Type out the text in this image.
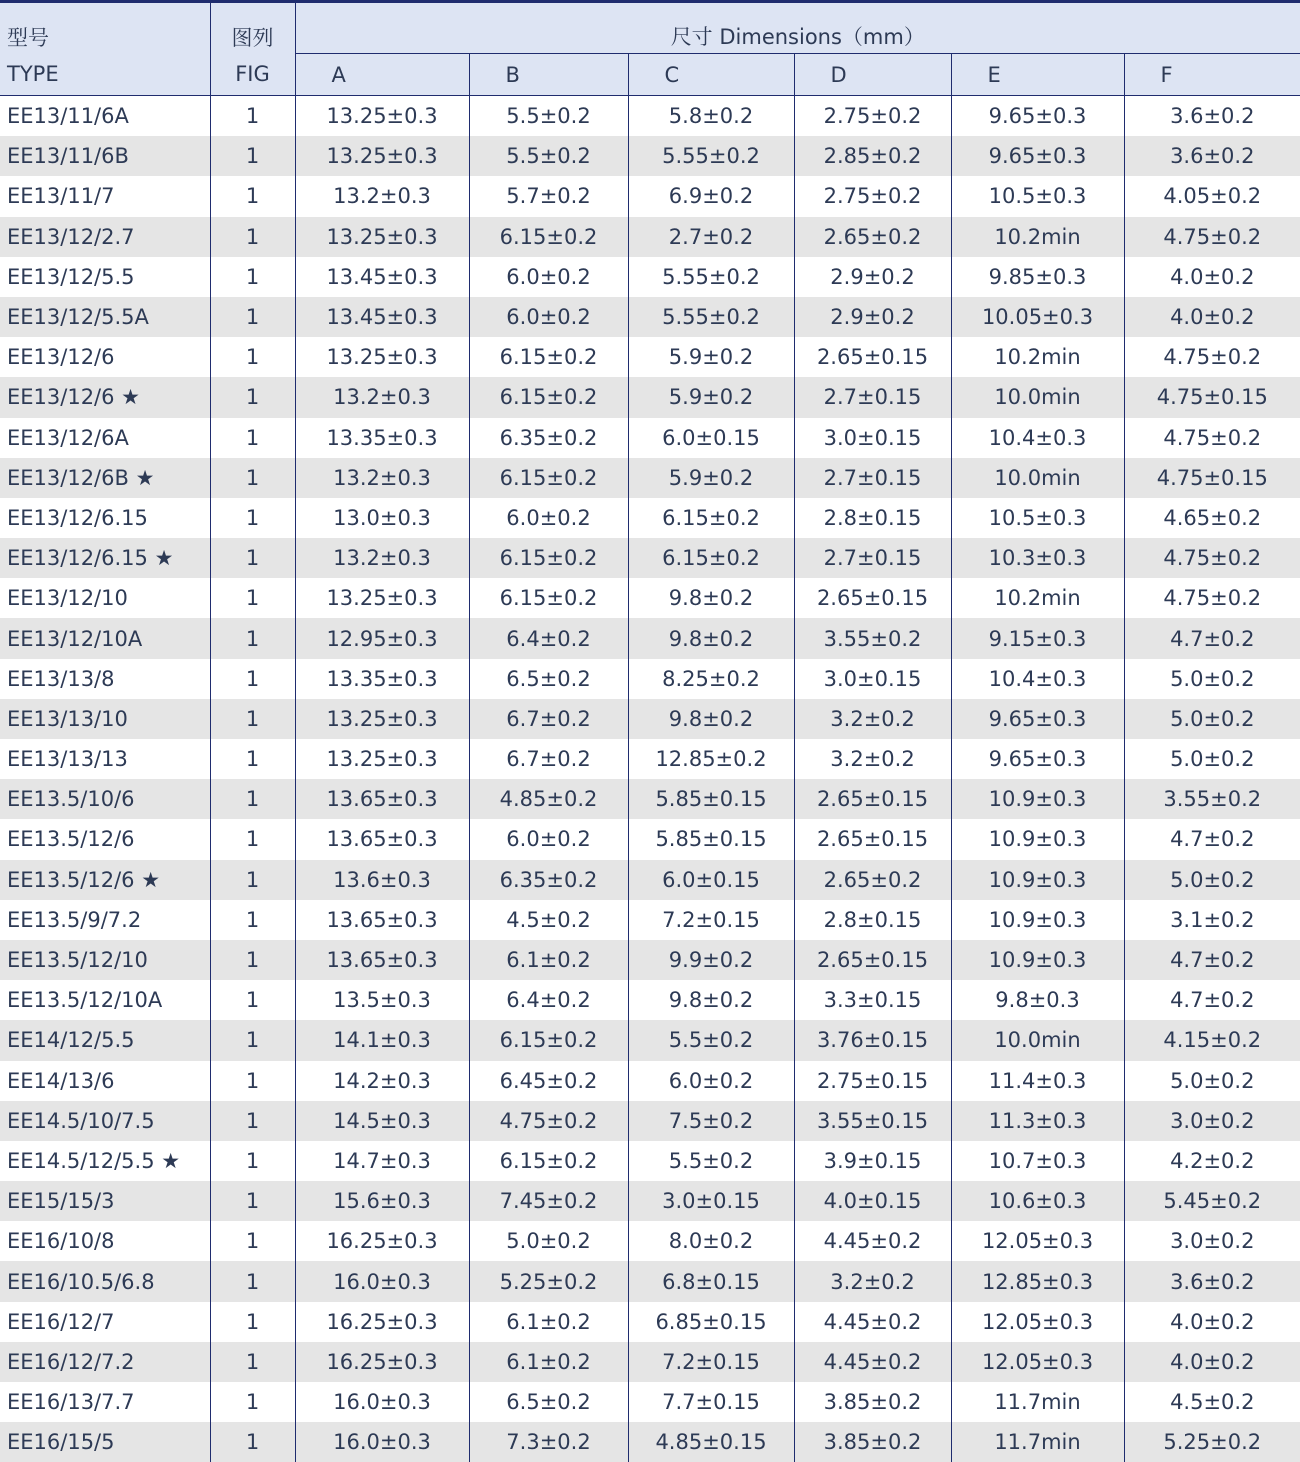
型号	图列	尺寸 Dimensions（mm）					
TYPE	FIG	A	B	C	D	E	F
EE13/11/6A	1	13.25±0.3	5.5±0.2	5.8±0.2	2.75±0.2	9.65±0.3	3.6±0.2
EE13/11/6B	1	13.25±0.3	5.5±0.2	5.55±0.2	2.85±0.2	9.65±0.3	3.6±0.2
EE13/11/7	1	13.2±0.3	5.7±0.2	6.9±0.2	2.75±0.2	10.5±0.3	4.05±0.2
EE13/12/2.7	1	13.25±0.3	6.15±0.2	2.7±0.2	2.65±0.2	10.2min	4.75±0.2
EE13/12/5.5	1	13.45±0.3	6.0±0.2	5.55±0.2	2.9±0.2	9.85±0.3	4.0±0.2
EE13/12/5.5A	1	13.45±0.3	6.0±0.2	5.55±0.2	2.9±0.2	10.05±0.3	4.0±0.2
EE13/12/6	1	13.25±0.3	6.15±0.2	5.9±0.2	2.65±0.15	10.2min	4.75±0.2
EE13/12/6 ★	1	13.2±0.3	6.15±0.2	5.9±0.2	2.7±0.15	10.0min	4.75±0.15
EE13/12/6A	1	13.35±0.3	6.35±0.2	6.0±0.15	3.0±0.15	10.4±0.3	4.75±0.2
EE13/12/6B ★	1	13.2±0.3	6.15±0.2	5.9±0.2	2.7±0.15	10.0min	4.75±0.15
EE13/12/6.15	1	13.0±0.3	6.0±0.2	6.15±0.2	2.8±0.15	10.5±0.3	4.65±0.2
EE13/12/6.15 ★	1	13.2±0.3	6.15±0.2	6.15±0.2	2.7±0.15	10.3±0.3	4.75±0.2
EE13/12/10	1	13.25±0.3	6.15±0.2	9.8±0.2	2.65±0.15	10.2min	4.75±0.2
EE13/12/10A	1	12.95±0.3	6.4±0.2	9.8±0.2	3.55±0.2	9.15±0.3	4.7±0.2
EE13/13/8	1	13.35±0.3	6.5±0.2	8.25±0.2	3.0±0.15	10.4±0.3	5.0±0.2
EE13/13/10	1	13.25±0.3	6.7±0.2	9.8±0.2	3.2±0.2	9.65±0.3	5.0±0.2
EE13/13/13	1	13.25±0.3	6.7±0.2	12.85±0.2	3.2±0.2	9.65±0.3	5.0±0.2
EE13.5/10/6	1	13.65±0.3	4.85±0.2	5.85±0.15	2.65±0.15	10.9±0.3	3.55±0.2
EE13.5/12/6	1	13.65±0.3	6.0±0.2	5.85±0.15	2.65±0.15	10.9±0.3	4.7±0.2
EE13.5/12/6 ★	1	13.6±0.3	6.35±0.2	6.0±0.15	2.65±0.2	10.9±0.3	5.0±0.2
EE13.5/9/7.2	1	13.65±0.3	4.5±0.2	7.2±0.15	2.8±0.15	10.9±0.3	3.1±0.2
EE13.5/12/10	1	13.65±0.3	6.1±0.2	9.9±0.2	2.65±0.15	10.9±0.3	4.7±0.2
EE13.5/12/10A	1	13.5±0.3	6.4±0.2	9.8±0.2	3.3±0.15	9.8±0.3	4.7±0.2
EE14/12/5.5	1	14.1±0.3	6.15±0.2	5.5±0.2	3.76±0.15	10.0min	4.15±0.2
EE14/13/6	1	14.2±0.3	6.45±0.2	6.0±0.2	2.75±0.15	11.4±0.3	5.0±0.2
EE14.5/10/7.5	1	14.5±0.3	4.75±0.2	7.5±0.2	3.55±0.15	11.3±0.3	3.0±0.2
EE14.5/12/5.5 ★	1	14.7±0.3	6.15±0.2	5.5±0.2	3.9±0.15	10.7±0.3	4.2±0.2
EE15/15/3	1	15.6±0.3	7.45±0.2	3.0±0.15	4.0±0.15	10.6±0.3	5.45±0.2
EE16/10/8	1	16.25±0.3	5.0±0.2	8.0±0.2	4.45±0.2	12.05±0.3	3.0±0.2
EE16/10.5/6.8	1	16.0±0.3	5.25±0.2	6.8±0.15	3.2±0.2	12.85±0.3	3.6±0.2
EE16/12/7	1	16.25±0.3	6.1±0.2	6.85±0.15	4.45±0.2	12.05±0.3	4.0±0.2
EE16/12/7.2	1	16.25±0.3	6.1±0.2	7.2±0.15	4.45±0.2	12.05±0.3	4.0±0.2
EE16/13/7.7	1	16.0±0.3	6.5±0.2	7.7±0.15	3.85±0.2	11.7min	4.5±0.2
EE16/15/5	1	16.0±0.3	7.3±0.2	4.85±0.15	3.85±0.2	11.7min	5.25±0.2
